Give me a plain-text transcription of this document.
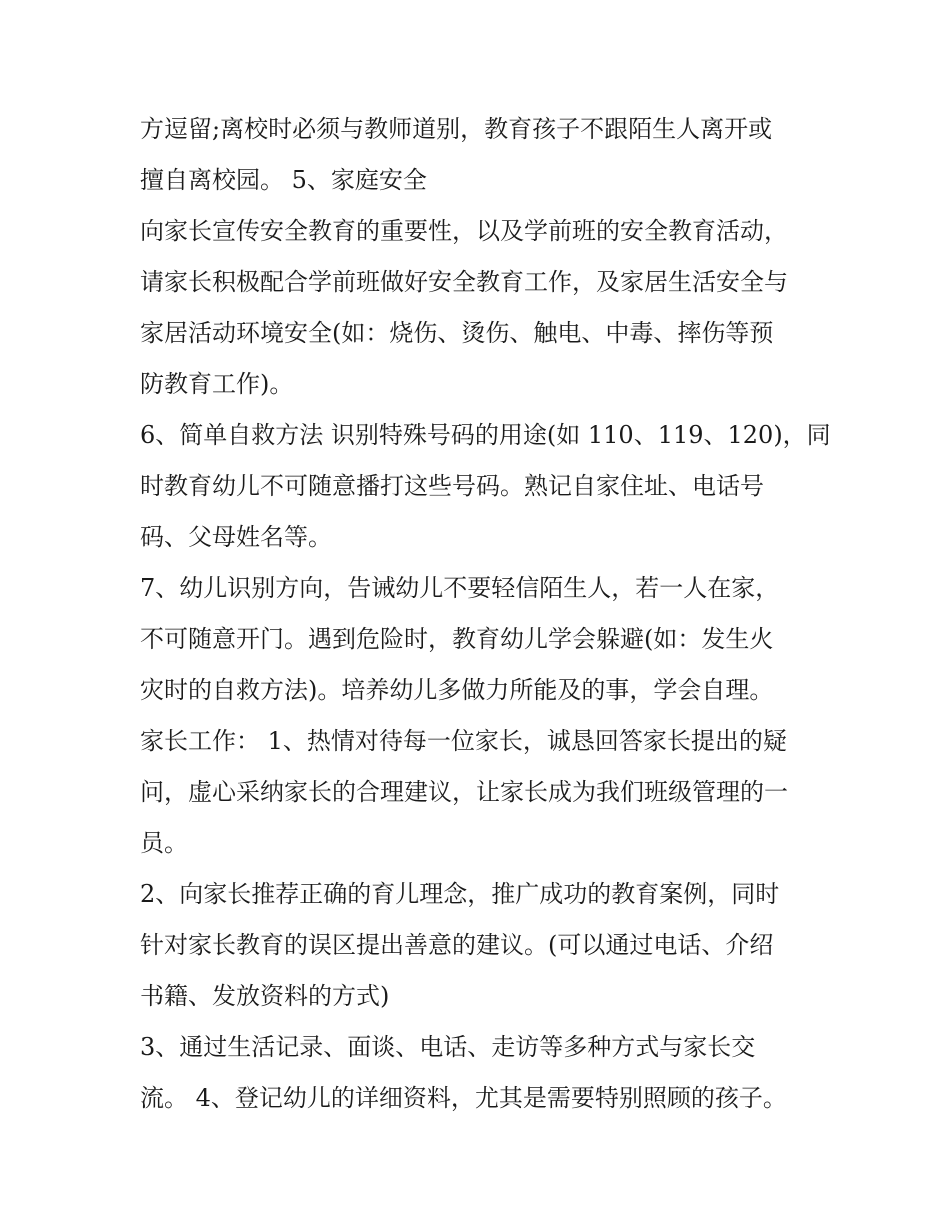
方逗留;离校时必须与教师道别，教育孩子不跟陌生人离开或
擅自离校园。 5、家庭安全
向家长宣传安全教育的重要性，以及学前班的安全教育活动，
请家长积极配合学前班做好安全教育工作，及家居生活安全与
家居活动环境安全(如：烧伤、烫伤、触电、中毒、摔伤等预
防教育工作)。
6、简单自救方法 识别特殊号码的用途(如 110、119、120)，同
时教育幼儿不可随意播打这些号码。熟记自家住址、电话号
码、父母姓名等。
7、幼儿识别方向，告诫幼儿不要轻信陌生人，若一人在家，
不可随意开门。遇到危险时，教育幼儿学会躲避(如：发生火
灾时的自救方法)。培养幼儿多做力所能及的事，学会自理。
家长工作： 1、热情对待每一位家长，诚恳回答家长提出的疑
问，虚心采纳家长的合理建议，让家长成为我们班级管理的一
员。
2、向家长推荐正确的育儿理念，推广成功的教育案例，同时
针对家长教育的误区提出善意的建议。(可以通过电话、介绍
书籍、发放资料的方式)
3、通过生活记录、面谈、电话、走访等多种方式与家长交
流。 4、登记幼儿的详细资料，尤其是需要特别照顾的孩子。
